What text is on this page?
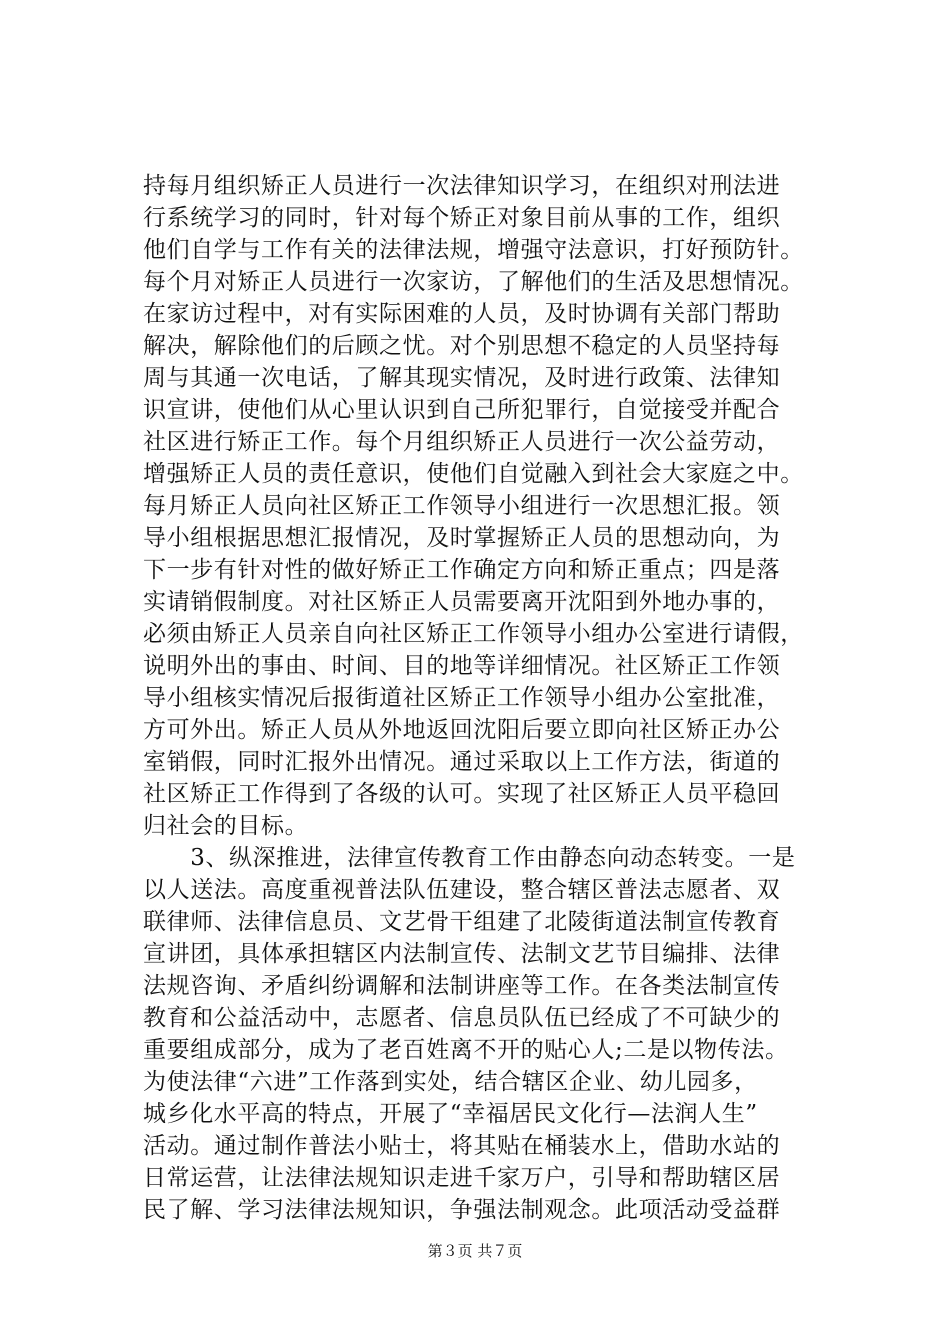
持每月组织矫正人员进行一次法律知识学习，在组织对刑法进
行系统学习的同时，针对每个矫正对象目前从事的工作，组织
他们自学与工作有关的法律法规，增强守法意识，打好预防针。
每个月对矫正人员进行一次家访，了解他们的生活及思想情况。
在家访过程中，对有实际困难的人员，及时协调有关部门帮助
解决，解除他们的后顾之忧。对个别思想不稳定的人员坚持每
周与其通一次电话，了解其现实情况，及时进行政策、法律知
识宣讲，使他们从心里认识到自己所犯罪行，自觉接受并配合
社区进行矫正工作。每个月组织矫正人员进行一次公益劳动，
增强矫正人员的责任意识，使他们自觉融入到社会大家庭之中。
每月矫正人员向社区矫正工作领导小组进行一次思想汇报。领
导小组根据思想汇报情况，及时掌握矫正人员的思想动向，为
下一步有针对性的做好矫正工作确定方向和矫正重点；四是落
实请销假制度。对社区矫正人员需要离开沈阳到外地办事的，
必须由矫正人员亲自向社区矫正工作领导小组办公室进行请假，
说明外出的事由、时间、目的地等详细情况。社区矫正工作领
导小组核实情况后报街道社区矫正工作领导小组办公室批准，
方可外出。矫正人员从外地返回沈阳后要立即向社区矫正办公
室销假，同时汇报外出情况。通过采取以上工作方法，街道的
社区矫正工作得到了各级的认可。实现了社区矫正人员平稳回
归社会的目标。
　　3、纵深推进，法律宣传教育工作由静态向动态转变。一是
以人送法。高度重视普法队伍建设，整合辖区普法志愿者、双
联律师、法律信息员、文艺骨干组建了北陵街道法制宣传教育
宣讲团，具体承担辖区内法制宣传、法制文艺节目编排、法律
法规咨询、矛盾纠纷调解和法制讲座等工作。在各类法制宣传
教育和公益活动中，志愿者、信息员队伍已经成了不可缺少的
重要组成部分，成为了老百姓离不开的贴心人;二是以物传法。
为使法律“六进”工作落到实处，结合辖区企业、幼儿园多，
城乡化水平高的特点，开展了“幸福居民文化行—法润人生”
活动。通过制作普法小贴士，将其贴在桶装水上，借助水站的
日常运营，让法律法规知识走进千家万户，引导和帮助辖区居
民了解、学习法律法规知识，争强法制观念。此项活动受益群
第３页 共７页
